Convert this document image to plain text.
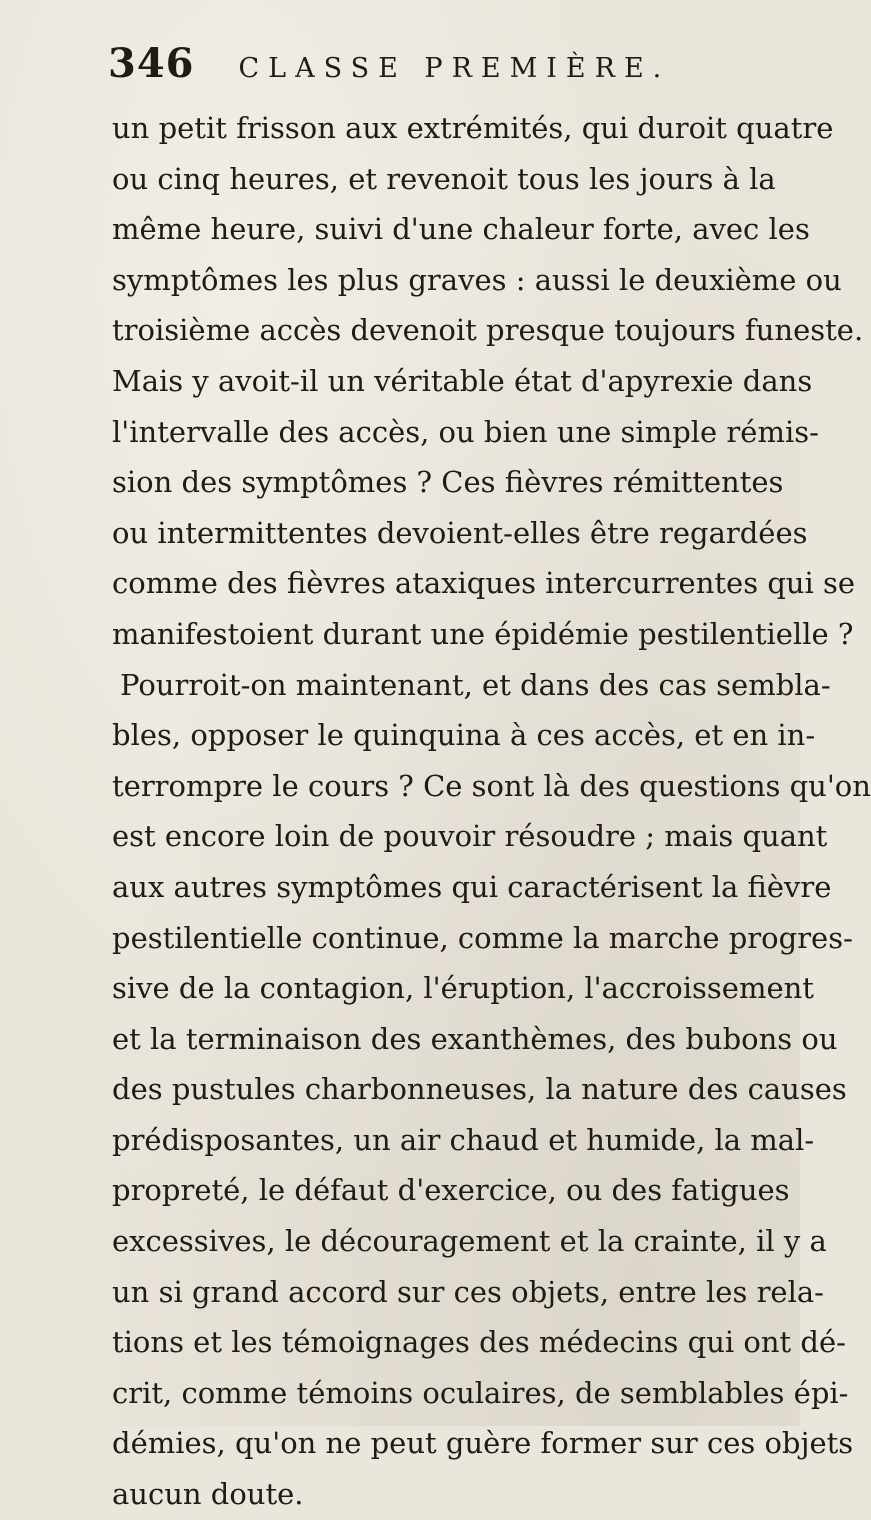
346 CLASSE PREMIÈRE.
un petit frisson aux extrémités, qui duroit quatre
ou cinq heures, et revenoit tous les jours à la
même heure, suivi d'une chaleur forte, avec les
symptômes les plus graves : aussi le deuxième ou
troisième accès devenoit presque toujours funeste.
Mais y avoit-il un véritable état d'apyrexie dans
l'intervalle des accès, ou bien une simple rémis-
sion des symptômes ? Ces fièvres rémittentes
ou intermittentes devoient-elles être regardées
comme des fièvres ataxiques intercurrentes qui se
manifestoient durant une épidémie pestilentielle ?
Pourroit-on maintenant, et dans des cas sembla-
bles, opposer le quinquina à ces accès, et en in-
terrompre le cours ? Ce sont là des questions qu'on
est encore loin de pouvoir résoudre ; mais quant
aux autres symptômes qui caractérisent la fièvre
pestilentielle continue, comme la marche progres-
sive de la contagion, l'éruption, l'accroissement
et la terminaison des exanthèmes, des bubons ou
des pustules charbonneuses, la nature des causes
prédisposantes, un air chaud et humide, la mal-
propreté, le défaut d'exercice, ou des fatigues
excessives, le découragement et la crainte, il y a
un si grand accord sur ces objets, entre les rela-
tions et les témoignages des médecins qui ont dé-
crit, comme témoins oculaires, de semblables épi-
démies, qu'on ne peut guère former sur ces objets
aucun doute.
